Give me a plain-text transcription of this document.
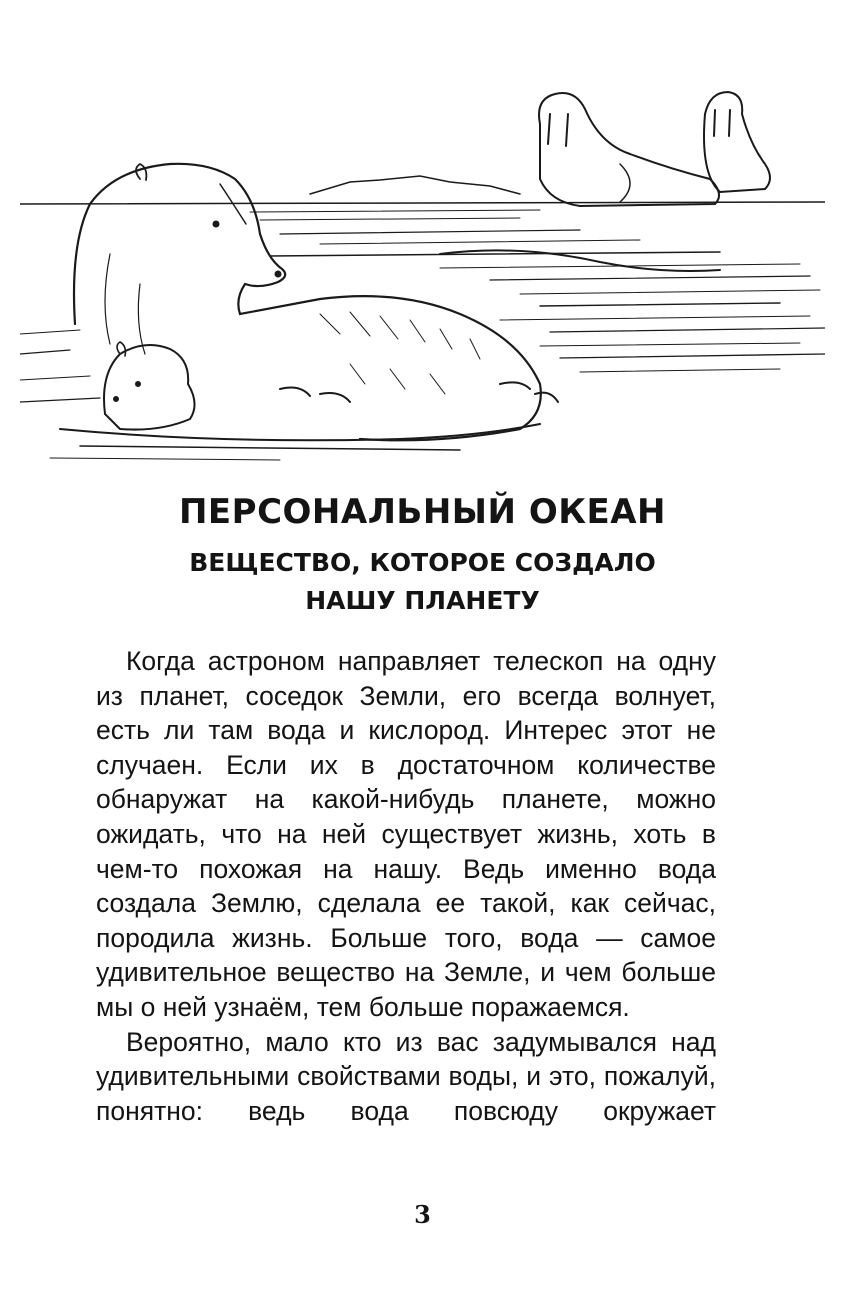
ПЕРСОНАЛЬНЫЙ ОКЕАН
ВЕЩЕСТВО, КОТОРОЕ СОЗДАЛО
НАШУ ПЛАНЕТУ

Когда астроном направляет телескоп на одну из планет, соседок Земли, его всегда волнует, есть ли там вода и кислород. Интерес этот не случаен. Если их в достаточном количестве обнаружат на какой-нибудь планете, можно ожидать, что на ней существует жизнь, хоть в чем-то похожая на нашу. Ведь именно вода создала Землю, сделала ее такой, как сейчас, породила жизнь. Больше того, вода — самое удивительное вещество на Земле, и чем больше мы о ней узнаём, тем больше поражаемся.

Вероятно, мало кто из вас задумывался над удивительными свойствами воды, и это, пожалуй, понятно: ведь вода повсюду окружает

3
